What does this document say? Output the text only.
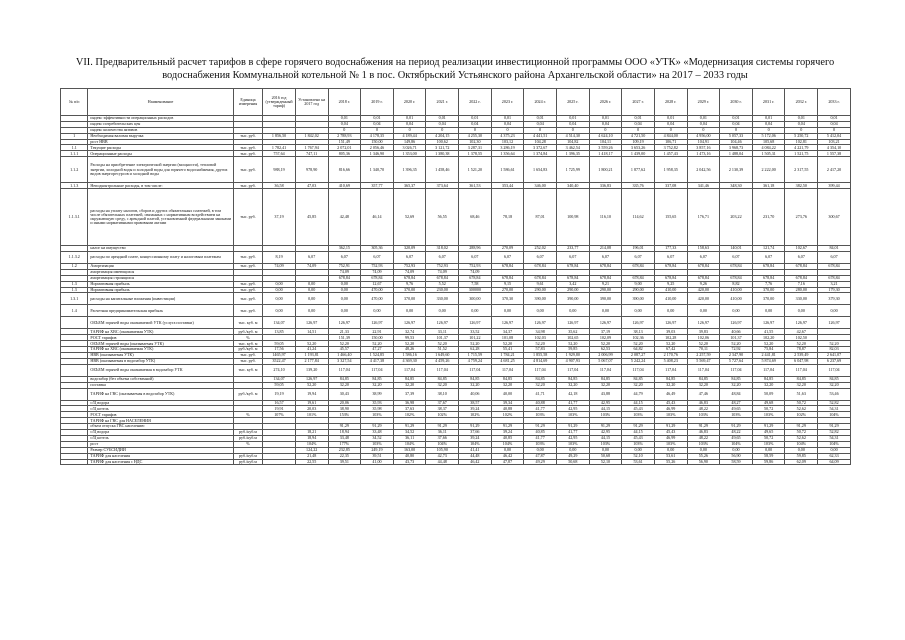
VII. Предварительный расчет тарифов в сфере горячего водоснабжения на период реализации инвестиционной программы ООО «УТК» «Модернизация системы горячего водоснабжения Коммунальной котельной № 1 в пос. Октябрьский Устьянского района Архангельской области» на 2017 – 2033 годы
№ п/п	Наименование	Единица измерения	2016 год (утвержденный тариф)	Установлено на 2017 год	2018 г.	2019 г.	2020 г.	2021 г.	2022 г.	2023 г.	2024 г.	2025 г.	2026 г.	2027 г.	2028 г.	2029 г.	2030 г.	2031 г.	2032 г.	2033 г.
	индекс эффективности операционных расходов				0,01	0,01	0,01	0,01	0,01	0,01	0,01	0,01	0,01	0,01	0,01	0,01	0,01	0,01	0,01	0,01
	индекс потребительских цен				0,04	0,04	0,04	0,04	0,04	0,04	0,04	0,04	0,04	0,04	0,04	0,04	0,04	0,04	0,04	0,04
	индекс количества активов				0	0	0	0	0	0	0	0	0	0	0	0	0	0	0	0
1	Необходимая валовая выручка	тыс. руб.	1 856,50	1 842,02	2 788,93	4 178,35	4 189,44	4 204,15	4 255,30	4 375,23	4 441,51	4 514,30	4 624,10	4 721,50	4 844,00	4 956,00	5 057,33	5 172,06	5 250,72	5 412,04
	рост НВВ				151,49	150,00	149,86	100,62	102,30	103,12	104,28	104,82	104,11	109,19	106,71	104,91	104,46	105,68	102,81	103,21
1.1	Текущие расходы	тыс. руб.	1 782,41	1 767,94	2 072,01	2 056,46	3 026,71	3 121,72	3 287,31	3 286,19	3 372,67	3 462,54	3 559,26	3 653,26	3 752,82	3 857,16	3 968,73	4 084,22	4 221,79	4 354,10
1.1.1	Операционные расходы	тыс. руб.	757,64	747,11	805,36	1 346,90	1 353,00	1 380,38	1 378,55	1 356,64	1 374,84	1 396,35	1 418,17	1 439,00	1 457,43	1 473,16	1 488,04	1 505,31	1 521,75	1 557,38
1.1.2	Расходы на приобретение электрической энергии (мощности), тепловой энергии, холодной воды и холодной воды для горячего водоснабжения, других видов энергоресурсов и холодной воды	тыс. руб.	988,19	978,90	816,66	1 340,70	1 396,35	1 458,46	1 521,20	1 586,61	1 654,83	1 725,99	1 800,21	1 877,62	1 958,35	2 042,56	2 130,39	2 222,00	2 317,55	2 417,20
1.1.3	Неподконтрольные расходы, в том числе:	тыс. руб.	36,58	47,03	410,69	357,77	365,37	373,64	361,53	353,44	346,00	340,40	336,83	335,76	337,08	341,46	348,30	361,18	382,50	399,44
1.1.3.1	расходы на уплату налогов, сборов и других обязательных платежей, в том числе обязательных платежей, связанных с нормативным воздействием на окружающую среду, с арендной платой, установленной федеральными законами и иными нормативными правовыми актами	тыс. руб.	37,19	45,85	42,48	46,14	52,69	56,55	68,46	78,18	87,01	100,98	116,10	114,62	155,65	176,71	203,22	231,70	273,76	300,67
	налог на имущество				362,15	305,36	320,09	318,02	288,96	270,09	252,02	233,77	214,08	196,01	177,33	158,63	140,01	121,74	102,67	84,01
1.1.3.2	расходы по арендной плате, концессионному плату и налоговым платежам	тыс. руб.	8,19	6,07	6,07	6,07	6,07	6,07	6,07	6,07	6,07	6,07	6,07	6,07	6,07	6,07	6,07	6,07	6,07	6,07
1.2	Амортизация	тыс. руб.	74,09	74,09	752,91	752,93	752,93	752,93	752,93	678,84	678,84	678,84	678,84	678,84	678,84	678,84	678,84	678,84	678,84	678,84
	амортизация имеющихся				74,09	74,09	74,09	74,09	74,09											
	амортизация строящихся				678,84	678,84	678,84	678,84	678,84	678,84	678,84	678,84	678,84	678,84	678,84	678,84	678,84	678,84	678,84	678,84
1.3	Нормативная прибыль	тыс. руб.	0,00	0,00	0,00	12,67	9,76	5,52	7,58	9,15	9,61	3,42	9,21	9,00	9,25	9,26	8,82	7,76	7,16	3,21
1.3	Нормативная прибыль	тыс. руб.	0,00	0,00	0,00	470,00	370,00	230,00	300000	270,00	290,00	290,00	290,00	290,00	410,00	420,00	410,00	370,00	280,00	179,30
1.3.1	расходы на капитальные вложения (инвестиции)	тыс. руб.	0,00	0,00	0,00	470,00	370,00	330,00	300,00	370,30	390,00	390,00	390,00	390,00	410,00	420,00	410,00	370,00	330,00	379,30
1.4	Расчетная предпринимательская прибыль	тыс. руб.	0,00	0,00	0,00	0,00	0,00	0,00	0,00	0,00	0,00	0,00	0,00	0,00	0,00	0,00	0,00	0,00	0,00	0,00
	ОБЪЕМ горячей воды оказываемой УТК (услуга поставки)	тыс. куб. м	134,07	126,97	126,97	126,97	126,97	126,97	126,97	126,97	126,97	126,97	126,97	126,97	126,97	126,97	126,97	126,97	126,97	126,97
	ТАРИФ на ХВС (оказываемая УТК)	руб./куб. м	13,85	14,51	21,33	22,91	32,74	33,11	33,52	34,37	34,98	35,62	37,19	38,13	39,03	39,83	40,66	41,55	42,67	
	РОСТ тарифов	%			151,39	150,00	99,53	101,37	101,22	101,08	102,03	102,65	102,09	102,36	102,28	102,06	101,37	102,20	102,50	
	ОБЪЕМ горячей воды (оказываемая УТК)	тыс. куб. м	59,05	52,20	52,20	52,20	52,20	52,20	52,20	52,20	52,20	52,20	52,20	52,20	52,20	52,20	52,20	52,20	52,20	52,20
	ТАРИФ на ХВС (оказываемая УТК)	руб./куб. м	17,56	41,24	45,57	47,27	48,26	51,52	62,28	55,41	57,83	59,85	62,53	64,82	67,42	70,11	72,92	75,84	78,87	82,03
	НВВ (оказываемая УТК)	тыс. руб.	1465,97	1 193,81	1 466,40	1 524,85	1 586,16	1 649,60	1 715,59	1 784,21	1 855,58	1 929,80	2 006,99	2 087,27	2 170,76	2 257,59	2 347,90	2 441,81	2 539,49	2 641,07
	НВВ (оказываемая в водозабор УТК)	тыс. руб.	3522,47	2 177,84	3 327,54	4 417,38	4 369,30	4 459,26	4 759,24	4 681,25	4 814,69	4 907,93	5 067,07	5 242,24	5 408,23	5 569,47	5 727,64	5 874,69	6 047,98	6 237,69
	ОБЪЕМ горячей воды оказываемая в водозабор УТК	тыс. куб. м	274,10	139,20	117,04	117,04	117,04	117,04	117,04	117,04	117,04	117,04	117,04	117,04	117,04	117,04	117,04	117,04	117,04	117,04
	водозабор (без объема собственной)		134,07	126,97	84,85	84,85	84,85	84,85	84,85	84,85	84,85	84,85	84,85	84,85	84,85	84,85	84,85	84,85	84,85	84,85
	поставка		59,05	52,20	32,20	32,20	32,20	32,20	32,20	32,20	32,20	32,20	32,20	32,20	32,20	32,20	32,20	32,20	32,20	32,20
	ТАРИФ на ГВС (оказываемая в водозабор УТК)	руб./куб. м	19,19	19,94	30,43	38,99	37,39	38,10	40,06	40,00	41,71	42,18	43,88	44,79	46,49	47,46	48,84	50,09	51,63	53,46
	с/Ц водора		16,57	19,61	20,06	35,93	36,98	37,67	38,57	39,34	40,88	41,77	42,95	44,15	45,43	46,83	48,27	49,68	50,72	52,82
	с/Ц котель		19,91	20,03	38,90	35,98	37,63	38,37	39,24	40,88	41,77	42,95	44,15	45,43	46,99	48,22	49,65	50,72	52,62	54,31
	РОСТ тарифов	%	107%	101%	153%	103%	102%	102%	102%	102%	103%	103%	103%	103%	103%	103%	103%	103%	102%	104%
	ТАРИФ на ГВС для НАСЕЛЕНИЯ																			
	объем отпуска ГВС населению				91,29	91,29	91,29	91,29	91,29	91,29	91,29	91,29	91,29	91,29	91,29	91,29	91,29	91,29	91,29	91,29
	с/Ц водора	руб./куб.м		18,21	18,94	33,48	34,52	36,11	37,66	39,24	40,85	41,77	42,95	44,15	45,43	46,83	48,22	49,65	50,72	52,82
	с/Ц котель	руб./куб.м		18,94	33,48	34,52	36,11	37,66	39,24	40,85	41,77	42,95	44,15	45,43	46,99	48,22	49,65	50,72	52,62	54,31
	рост	%		104%	177%	103%	104%	104%	104%	104%	103%	103%	103%	103%	103%	103%	104%	103%	104%	104%
	Размер СУБСИДИИ			124,22	232,85	249,19	163,00	105,90	41,41	0,00	0,00	0,00	0,00	0,00	0,00	0,00	0,00	0,00	0,00	0,00
	ТАРИФ для населения	руб./куб.м		21,48	22,35	39,51	40,80	42,73	44,48	46,42	47,87	49,29	50,68	52,10	53,61	55,26	56,90	58,59	59,85	62,33
	ТАРИФ для населения с НДС	руб./куб.м		22,55	39,51	41,00	43,73	44,48	46,42	47,87	49,29	50,68	52,10	53,61	55,26	56,90	58,59	59,86	62,09	64,09
